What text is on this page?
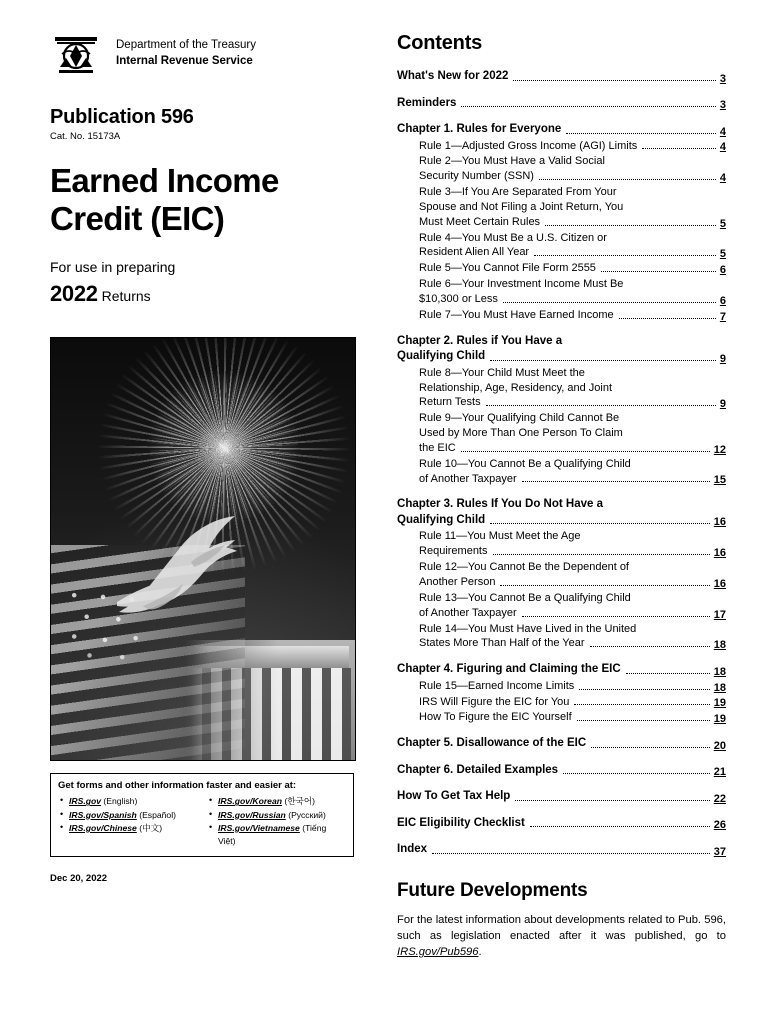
Department of the Treasury
Internal Revenue Service
Publication 596
Cat. No. 15173A
Earned Income Credit (EIC)
For use in preparing
2022 Returns
Get forms and other information faster and easier at:
• IRS.gov (English)
• IRS.gov/Spanish (Español)
• IRS.gov/Chinese (中文)
• IRS.gov/Korean (한국어)
• IRS.gov/Russian (Pусский)
• IRS.gov/Vietnamese (Tiếng Việt)
Dec 20, 2022
Contents
What's New for 2022	3
Reminders	3
Chapter 1. Rules for Everyone	4
Rule 1—Adjusted Gross Income (AGI) Limits	4
Rule 2—You Must Have a Valid Social
Security Number (SSN)	4
Rule 3—If You Are Separated From Your
Spouse and Not Filing a Joint Return, You
Must Meet Certain Rules	5
Rule 4—You Must Be a U.S. Citizen or
Resident Alien All Year	5
Rule 5—You Cannot File Form 2555	6
Rule 6—Your Investment Income Must Be
$10,300 or Less	6
Rule 7—You Must Have Earned Income	7
Chapter 2. Rules if You Have a
Qualifying Child	9
Rule 8—Your Child Must Meet the
Relationship, Age, Residency, and Joint
Return Tests	9
Rule 9—Your Qualifying Child Cannot Be
Used by More Than One Person To Claim
the EIC	12
Rule 10—You Cannot Be a Qualifying Child
of Another Taxpayer	15
Chapter 3. Rules If You Do Not Have a
Qualifying Child	16
Rule 11—You Must Meet the Age
Requirements	16
Rule 12—You Cannot Be the Dependent of
Another Person	16
Rule 13—You Cannot Be a Qualifying Child
of Another Taxpayer	17
Rule 14—You Must Have Lived in the United
States More Than Half of the Year	18
Chapter 4. Figuring and Claiming the EIC	18
Rule 15—Earned Income Limits	18
IRS Will Figure the EIC for You	19
How To Figure the EIC Yourself	19
Chapter 5. Disallowance of the EIC	20
Chapter 6. Detailed Examples	21
How To Get Tax Help	22
EIC Eligibility Checklist	26
Index	37
Future Developments
For the latest information about developments related to Pub. 596, such as legislation enacted after it was published, go to IRS.gov/Pub596.
